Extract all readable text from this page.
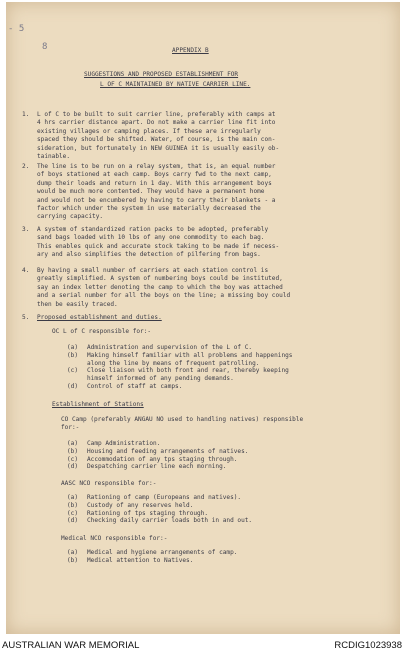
- 5
8	APPENDIX B
SUGGESTIONS AND PROPOSED ESTABLISHMENT FOR
L OF C MAINTAINED BY NATIVE CARRIER LINE.
1. L of C to be built to suit carrier line, preferably with camps at
4 hrs carrier distance apart. Do not make a carrier line fit into
existing villages or camping places. If these are irregularly
spaced they should be shifted. Water, of course, is the main con-
sideration, but fortunately in NEW GUINEA it is usually easily ob-
tainable.
2. The line is to be run on a relay system, that is, an equal number
of boys stationed at each camp. Boys carry fwd to the next camp,
dump their loads and return in 1 day. With this arrangement boys
would be much more contented. They would have a permanent home
and would not be encumbered by having to carry their blankets - a
factor which under the system in use materially decreased the
carrying capacity.
3. A system of standardized ration packs to be adopted, preferably
sand bags loaded with 10 lbs of any one commodity to each bag.
This enables quick and accurate stock taking to be made if necess-
ary and also simplifies the detection of pilfering from bags.
4. By having a small number of carriers at each station control is
greatly simplified. A system of numbering boys could be instituted,
say an index letter denoting the camp to which the boy was attached
and a serial number for all the boys on the line; a missing boy could
then be easily traced.
5. Proposed establishment and duties.
OC L of C responsible for:-
(a) Administration and supervision of the L of C.
(b) Making himself familiar with all problems and happenings
along the line by means of frequent patrolling.
(c) Close liaison with both front and rear, thereby keeping
himself informed of any pending demands.
(d) Control of staff at camps.
Establishment of Stations
CO Camp (preferably ANGAU NO used to handling natives) responsible
for:-
(a) Camp Administration.
(b) Housing and feeding arrangements of natives.
(c) Accommodation of any tps staging through.
(d) Despatching carrier line each morning.
AASC NCO responsible for:-
(a) Rationing of camp (Europeans and natives).
(b) Custody of any reserves held.
(c) Rationing of tps staging through.
(d) Checking daily carrier loads both in and out.
Medical NCO responsible for:-
(a) Medical and hygiene arrangements of camp.
(b) Medical attention to Natives.
AUSTRALIAN WAR MEMORIAL	RCDIG1023938
